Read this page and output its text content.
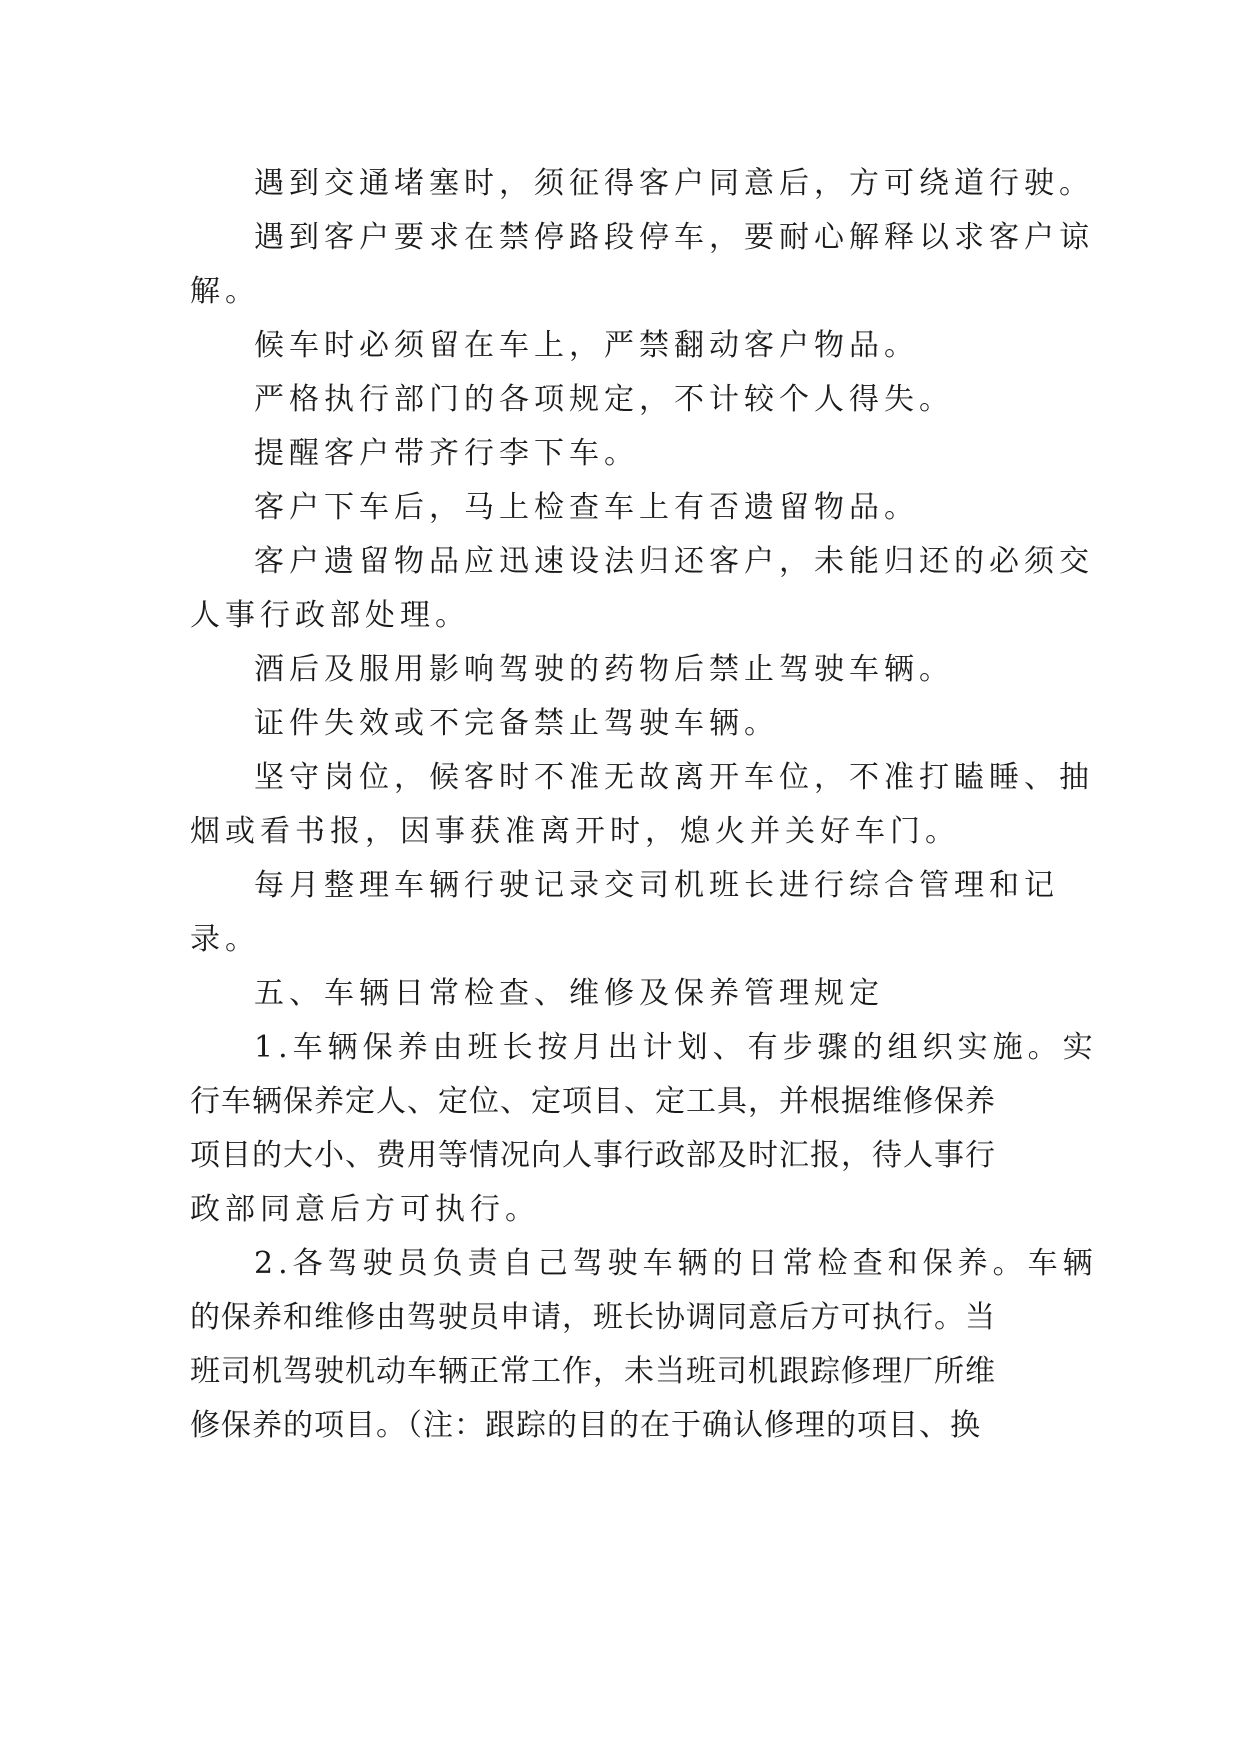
遇到交通堵塞时，须征得客户同意后，方可绕道行驶。
遇到客户要求在禁停路段停车，要耐心解释以求客户谅
解。
候车时必须留在车上，严禁翻动客户物品。
严格执行部门的各项规定，不计较个人得失。
提醒客户带齐行李下车。
客户下车后，马上检查车上有否遗留物品。
客户遗留物品应迅速设法归还客户，未能归还的必须交
人事行政部处理。
酒后及服用影响驾驶的药物后禁止驾驶车辆。
证件失效或不完备禁止驾驶车辆。
坚守岗位，候客时不准无故离开车位，不准打瞌睡、抽
烟或看书报，因事获准离开时，熄火并关好车门。
每月整理车辆行驶记录交司机班长进行综合管理和记
录。
五、车辆日常检查、维修及保养管理规定
1.车辆保养由班长按月出计划、有步骤的组织实施。实
行车辆保养定人、定位、定项目、定工具，并根据维修保养
项目的大小、费用等情况向人事行政部及时汇报，待人事行
政部同意后方可执行。
2.各驾驶员负责自己驾驶车辆的日常检查和保养。车辆
的保养和维修由驾驶员申请，班长协调同意后方可执行。当
班司机驾驶机动车辆正常工作，未当班司机跟踪修理厂所维
修保养的项目。（注：跟踪的目的在于确认修理的项目、换
